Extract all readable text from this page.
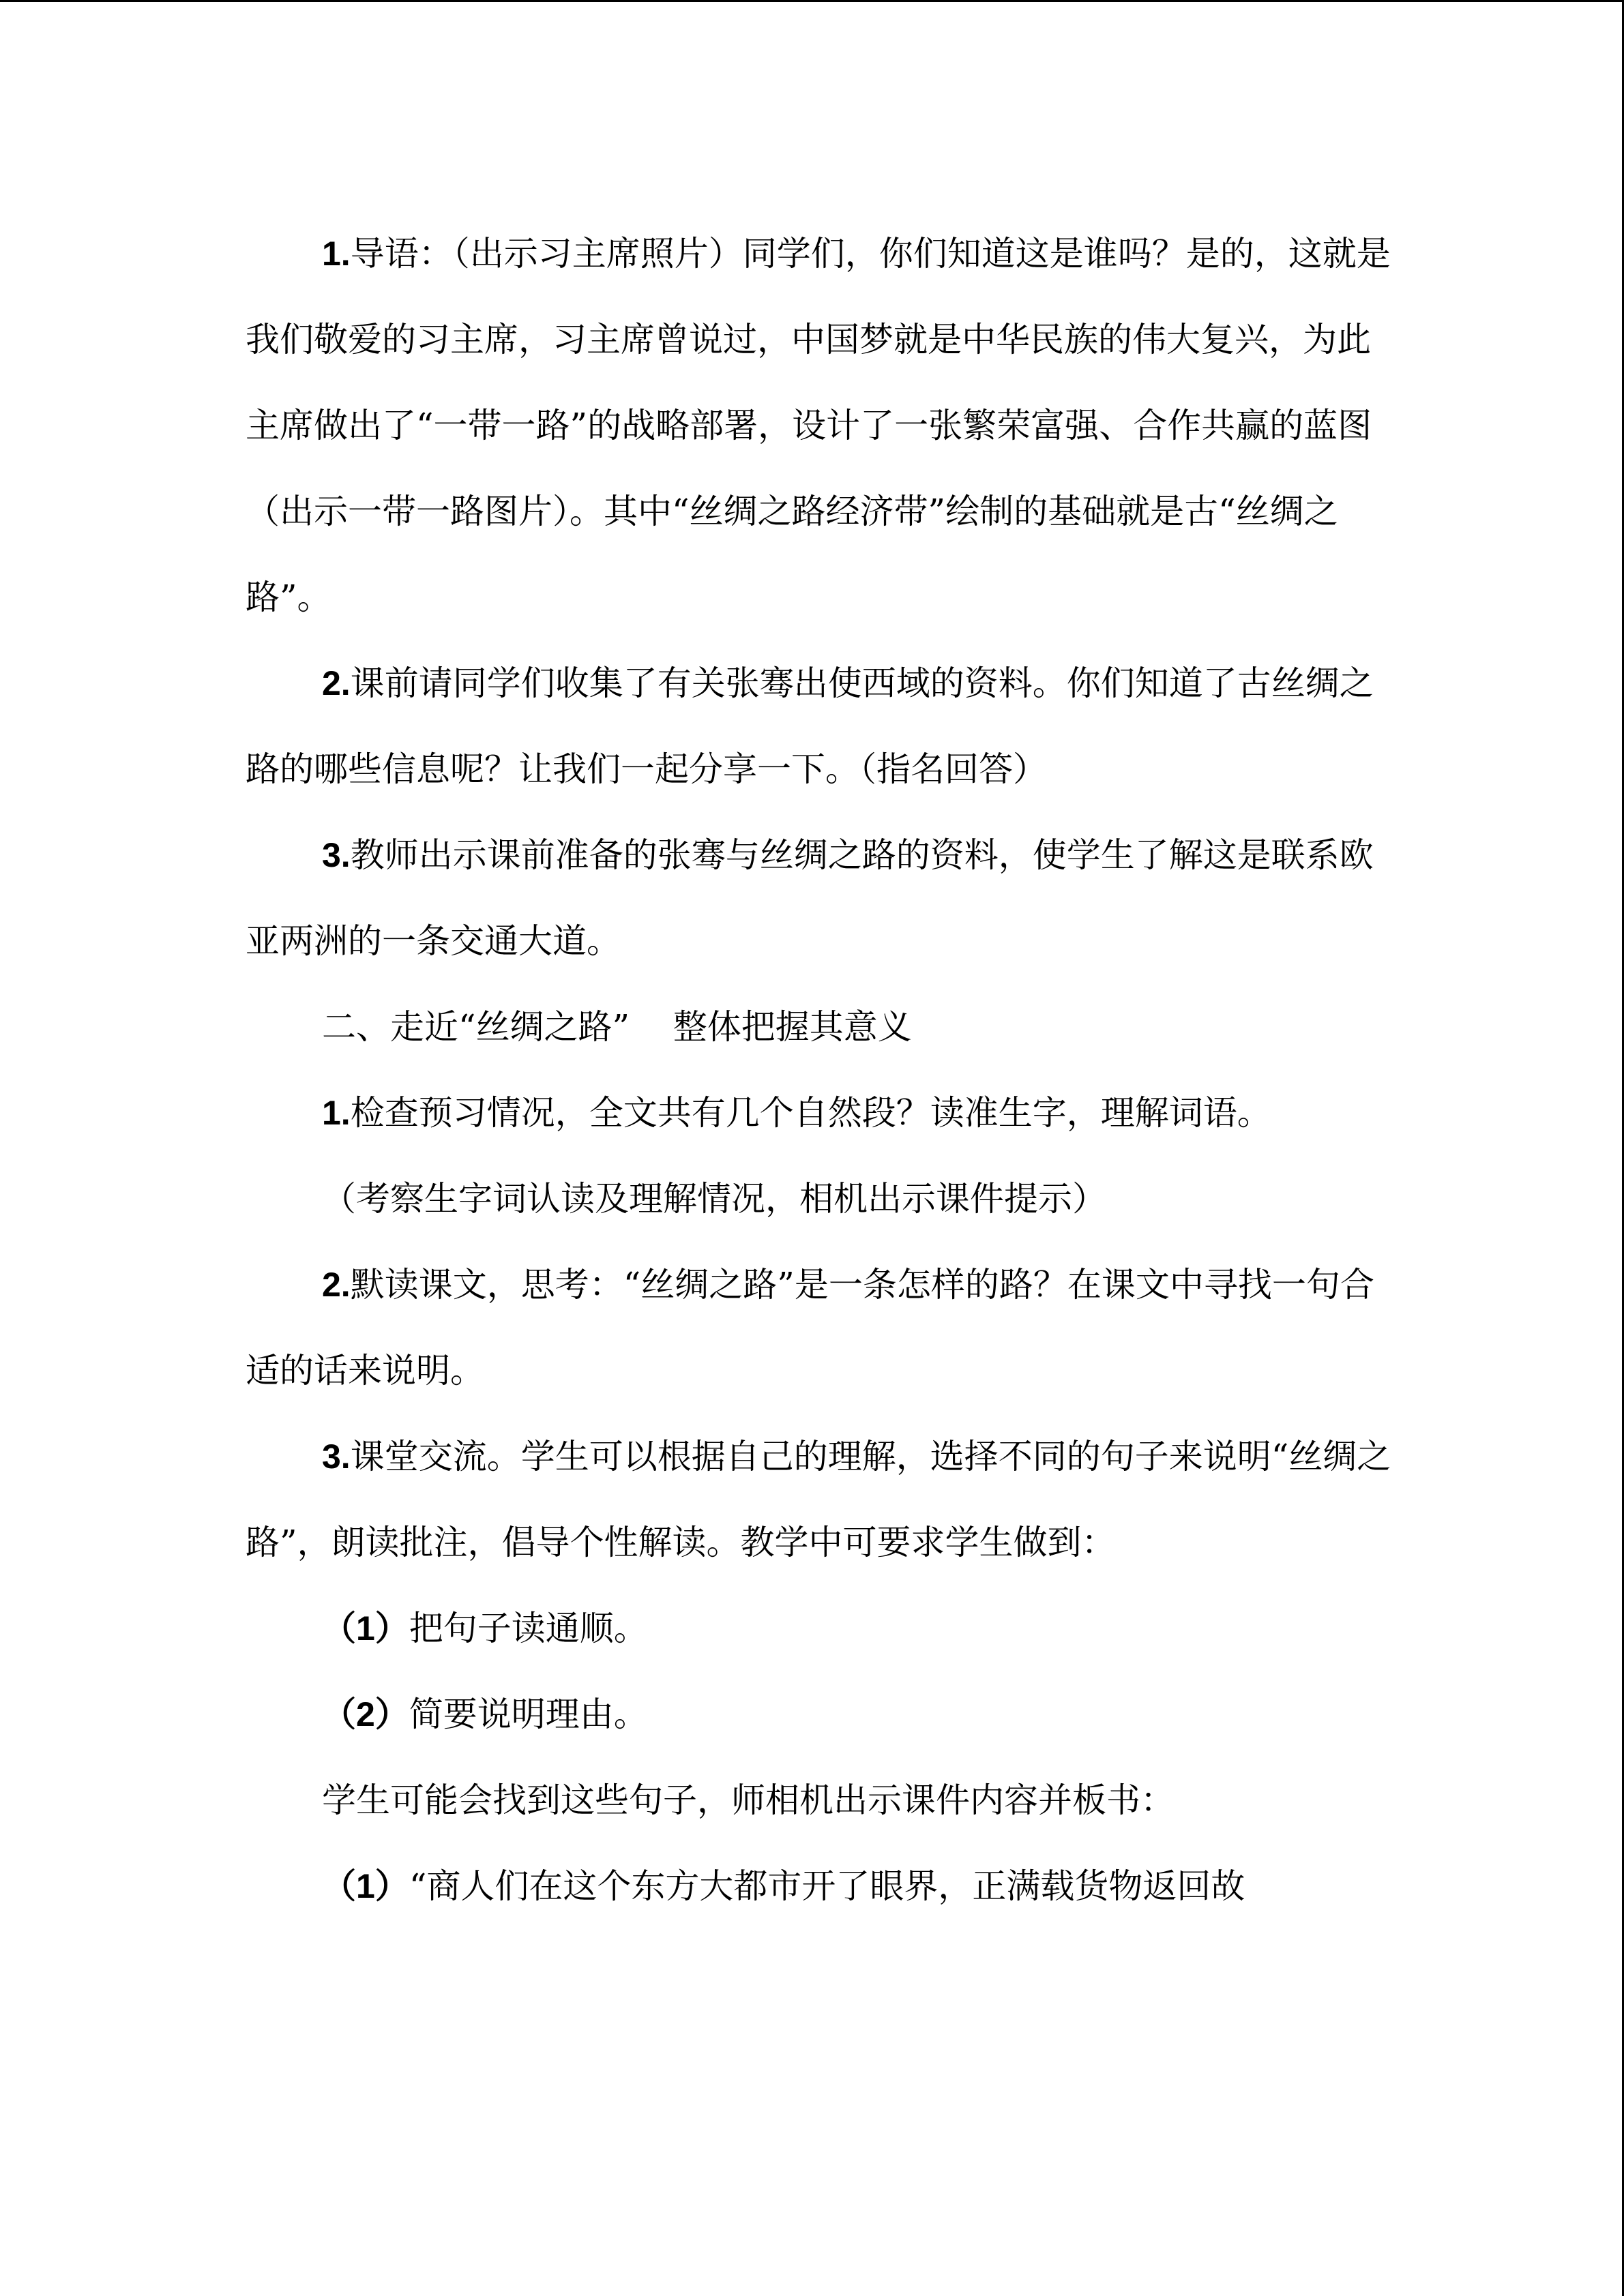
1.导语：（出示习主席照片）同学们，你们知道这是谁吗？是的，这就是我们敬爱的习主席，习主席曾说过，中国梦就是中华民族的伟大复兴，为此主席做出了“一带一路”的战略部署，设计了一张繁荣富强、合作共赢的蓝图（出示一带一路图片）。其中“丝绸之路经济带”绘制的基础就是古“丝绸之路”。

2.课前请同学们收集了有关张骞出使西域的资料。你们知道了古丝绸之路的哪些信息呢？让我们一起分享一下。（指名回答）

3.教师出示课前准备的张骞与丝绸之路的资料，使学生了解这是联系欧亚两洲的一条交通大道。

二、走近“丝绸之路”    整体把握其意义

1.检查预习情况，全文共有几个自然段？读准生字，理解词语。

（考察生字词认读及理解情况，相机出示课件提示）

2.默读课文，思考：“丝绸之路”是一条怎样的路？在课文中寻找一句合适的话来说明。

3.课堂交流。学生可以根据自己的理解，选择不同的句子来说明“丝绸之路”，朗读批注，倡导个性解读。教学中可要求学生做到：

（1）把句子读通顺。

（2）简要说明理由。

学生可能会找到这些句子，师相机出示课件内容并板书：

（1）“商人们在这个东方大都市开了眼界，正满载货物返回故
